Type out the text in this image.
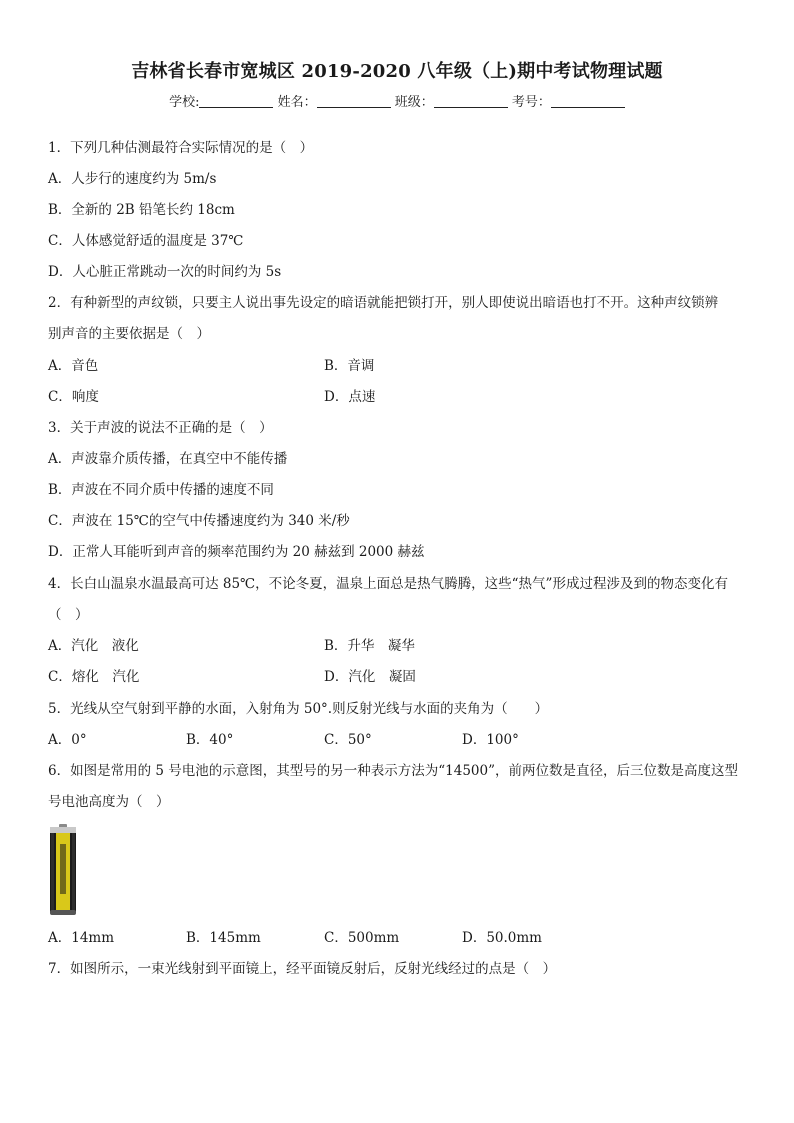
吉林省长春市宽城区 2019-2020 八年级（上)期中考试物理试题
学校:	姓名：	班级：	考号：
1．下列几种估测最符合实际情况的是（　）
A．人步行的速度约为 5m/s
B．全新的 2B 铅笔长约 18cm
C．人体感觉舒适的温度是 37℃
D．人心脏正常跳动一次的时间约为 5s
2．有种新型的声纹锁，只要主人说出事先设定的暗语就能把锁打开，别人即使说出暗语也打不开。这种声纹锁辨
别声音的主要依据是（　）
A．音色	B．音调
C．响度	D．点速
3．关于声波的说法不正确的是（　）
A．声波靠介质传播，在真空中不能传播
B．声波在不同介质中传播的速度不同
C．声波在 15℃的空气中传播速度约为 340 米/秒
D．正常人耳能听到声音的频率范围约为 20 赫兹到 2000 赫兹
4．长白山温泉水温最高可达 85℃，不论冬夏，温泉上面总是热气腾腾，这些“热气”形成过程涉及到的物态变化有
（　）
A．汽化　液化	B．升华　凝华
C．熔化　汽化	D．汽化　凝固
5．光线从空气射到平静的水面，入射角为 50°.则反射光线与水面的夹角为（　　）
A．0°	B．40°	C．50°	D．100°
6．如图是常用的 5 号电池的示意图，其型号的另一种表示方法为“14500”，前两位数是直径，后三位数是高度这型
号电池高度为（　）
A．14mm	B．145mm	C．500mm	D．50.0mm
7．如图所示，一束光线射到平面镜上，经平面镜反射后，反射光线经过的点是（　）
